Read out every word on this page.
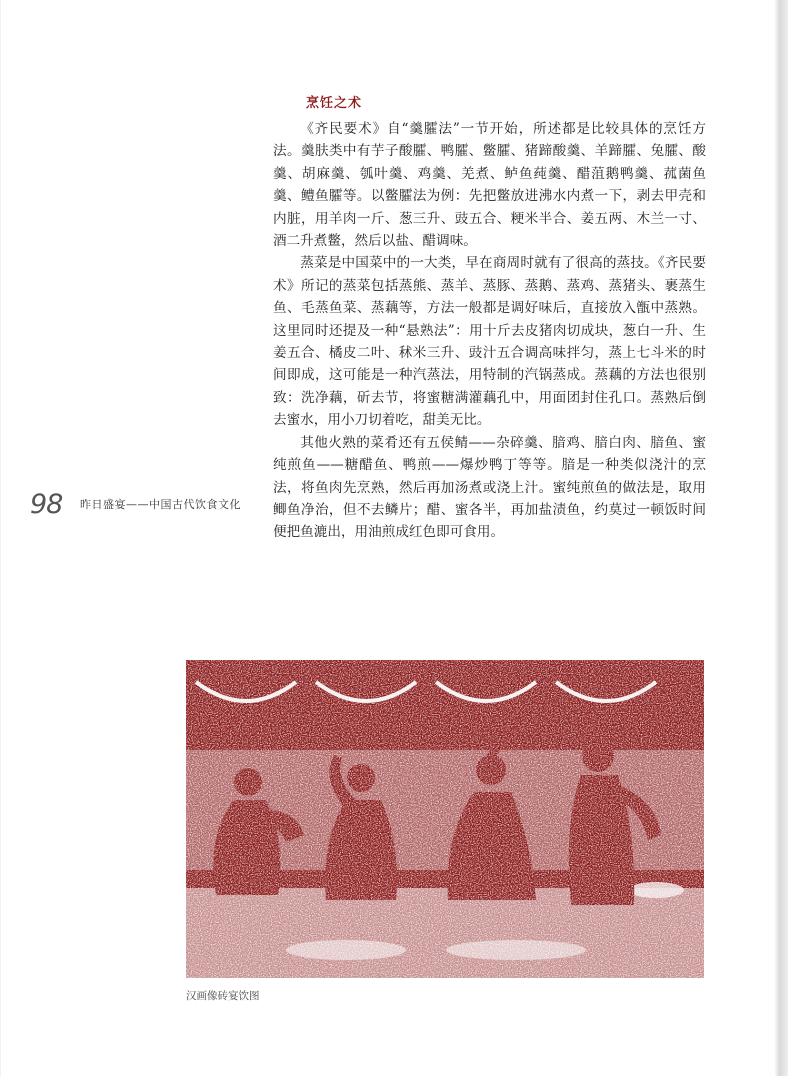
烹饪之术

《齐民要术》自“羹臛法”一节开始，所述都是比较具体的烹饪方法。羹肤类中有芋子酸臛、鸭臛、鳖臛、猪蹄酸羹、羊蹄臛、兔臛、酸羹、胡麻羹、瓠叶羹、鸡羹、羌煮、鲈鱼莼羹、醋菹鹅鸭羹、菰菌鱼羹、鳢鱼臛等。以鳖臛法为例：先把鳖放进沸水内煮一下，剥去甲壳和内脏，用羊肉一斤、葱三升、豉五合、粳米半合、姜五两、木兰一寸、酒二升煮鳖，然后以盐、醋调味。

蒸菜是中国菜中的一大类，早在商周时就有了很高的蒸技。《齐民要术》所记的蒸菜包括蒸熊、蒸羊、蒸豚、蒸鹅、蒸鸡、蒸猪头、裹蒸生鱼、毛蒸鱼菜、蒸藕等，方法一般都是调好味后，直接放入甑中蒸熟。这里同时还提及一种“悬熟法”：用十斤去皮猪肉切成块，葱白一升、生姜五合、橘皮二叶、秫米三升、豉汁五合调高味拌匀，蒸上七斗米的时间即成，这可能是一种汽蒸法，用特制的汽锅蒸成。蒸藕的方法也很别致：洗净藕，斫去节，将蜜糖满灌藕孔中，用面团封住孔口。蒸熟后倒去蜜水，用小刀切着吃，甜美无比。

其他火熟的菜肴还有五侯鲭——杂碎羹、腤鸡、腤白肉、腤鱼、蜜纯煎鱼——糖醋鱼、鸭煎——爆炒鸭丁等等。腤是一种类似浇汁的烹法，将鱼肉先烹熟，然后再加汤煮或浇上汁。蜜纯煎鱼的做法是，取用鲫鱼净治，但不去鳞片；醋、蜜各半，再加盐渍鱼，约莫过一顿饭时间便把鱼漉出，用油煎成红色即可食用。

98 昨日盛宴——中国古代饮食文化
汉画像砖宴饮图
